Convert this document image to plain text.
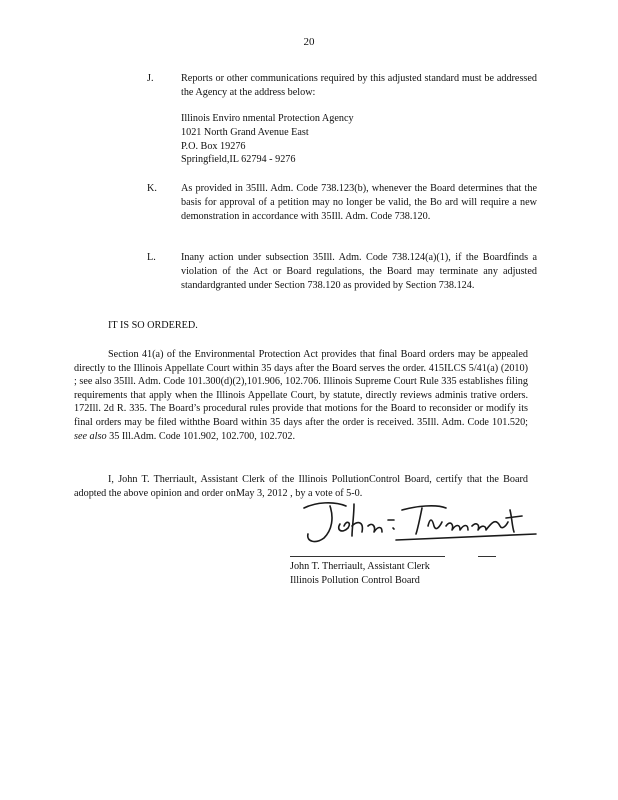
20
J.	Reports or other communications required by this adjusted standard must be addressed the Agency at the address below:
Illinois Enviro nmental Protection Agency
1021 North Grand Avenue East
P.O. Box 19276
Springfield,IL 62794 - 9276
K. As provided in 35Ill. Adm. Code 738.123(b), whenever the Board determines that the basis for approval of a petition may no longer be valid, the Bo ard will require a new demonstration in accordance with 35Ill. Adm. Code 738.120.
L. Inany action under subsection 35Ill. Adm. Code 738.124(a)(1), if the Boardfinds a violation of the Act or Board regulations, the Board may terminate any adjusted standardgranted under Section 738.120 as provided by Section 738.124.
IT IS SO ORDERED.
Section 41(a) of the Environmental Protection Act provides that final Board orders may be appealed directly to the Illinois Appellate Court within 35 days after the Board serves the order. 415ILCS 5/41(a) (2010) ; see also 35Ill. Adm. Code 101.300(d)(2),101.906, 102.706. Illinois Supreme Court Rule 335 establishes filing requirements that apply when the Illinois Appellate Court, by statute, directly reviews adminis trative orders. 172Ill. 2d R. 335. The Board’s procedural rules provide that motions for the Board to reconsider or modify its final orders may be filed withthe Board within 35 days after the order is received. 35Ill. Adm. Code 101.520; see also 35 Ill.Adm. Code 101.902, 102.700, 102.702.
I, John T. Therriault, Assistant Clerk of the Illinois PollutionControl Board, certify that the Board adopted the above opinion and order onMay 3, 2012 , by a vote of 5-0.
John T. Therriault, Assistant Clerk
Illinois Pollution Control Board
